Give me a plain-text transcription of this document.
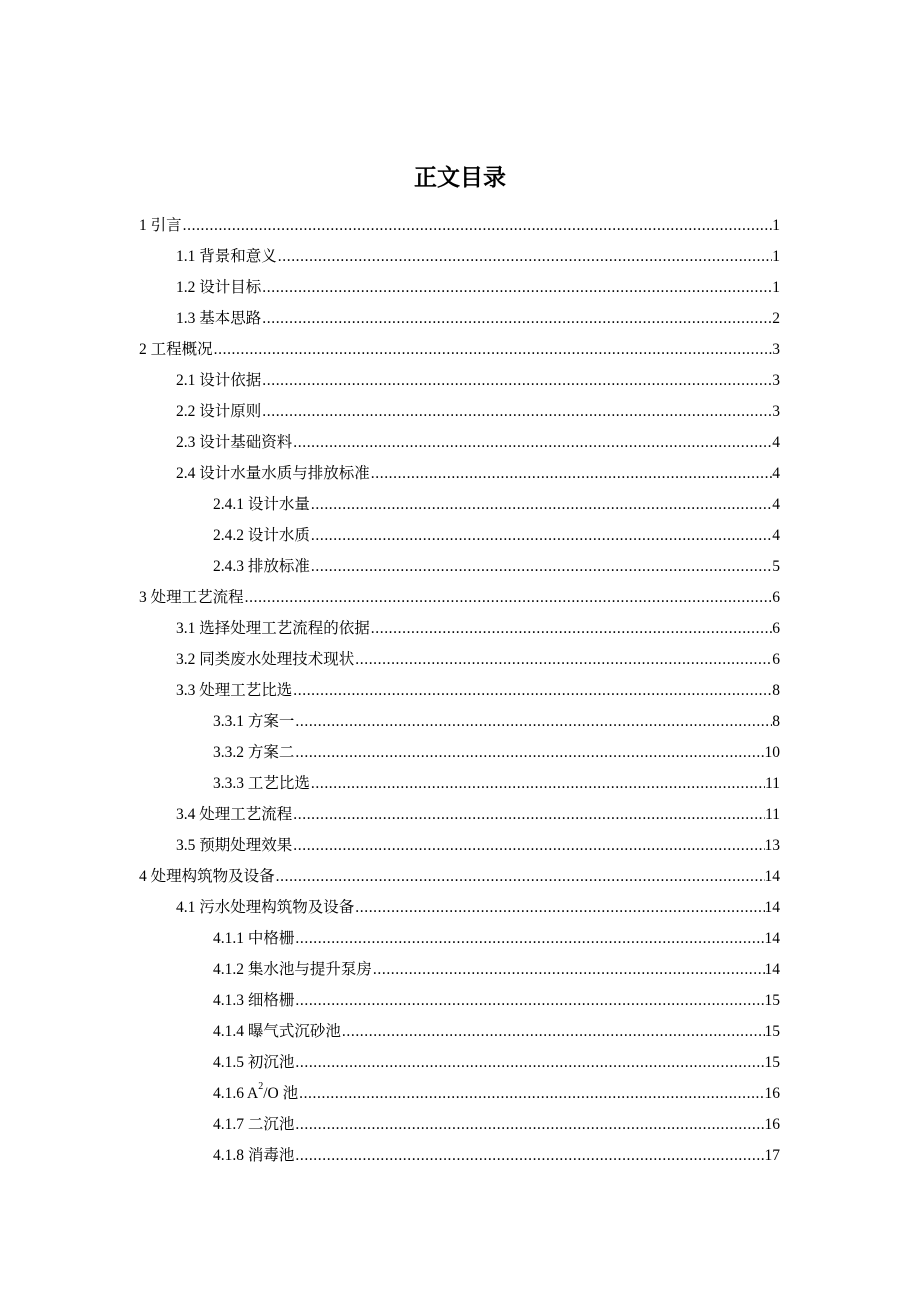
正文目录
1 引言 .....	1
1.1 背景和意义 .....	1
1.2 设计目标 .....	1
1.3 基本思路 .....	2
2 工程概况 .....	3
2.1 设计依据 .....	3
2.2 设计原则 .....	3
2.3 设计基础资料 .....	4
2.4 设计水量水质与排放标准 .....	4
2.4.1 设计水量 .....	4
2.4.2 设计水质 .....	4
2.4.3 排放标准 .....	5
3 处理工艺流程 .....	6
3.1 选择处理工艺流程的依据 .....	6
3.2 同类废水处理技术现状 .....	6
3.3 处理工艺比选 .....	8
3.3.1 方案一 .....	8
3.3.2 方案二 .....	10
3.3.3 工艺比选 .....	11
3.4 处理工艺流程 .....	11
3.5 预期处理效果 .....	13
4 处理构筑物及设备 .....	14
4.1 污水处理构筑物及设备 .....	14
4.1.1 中格栅 .....	14
4.1.2 集水池与提升泵房 .....	14
4.1.3 细格栅 .....	15
4.1.4 曝气式沉砂池 .....	15
4.1.5 初沉池 .....	15
4.1.6 $A^2/O$ 池 .....	16
4.1.7 二沉池 .....	16
4.1.8 消毒池 .....	17
